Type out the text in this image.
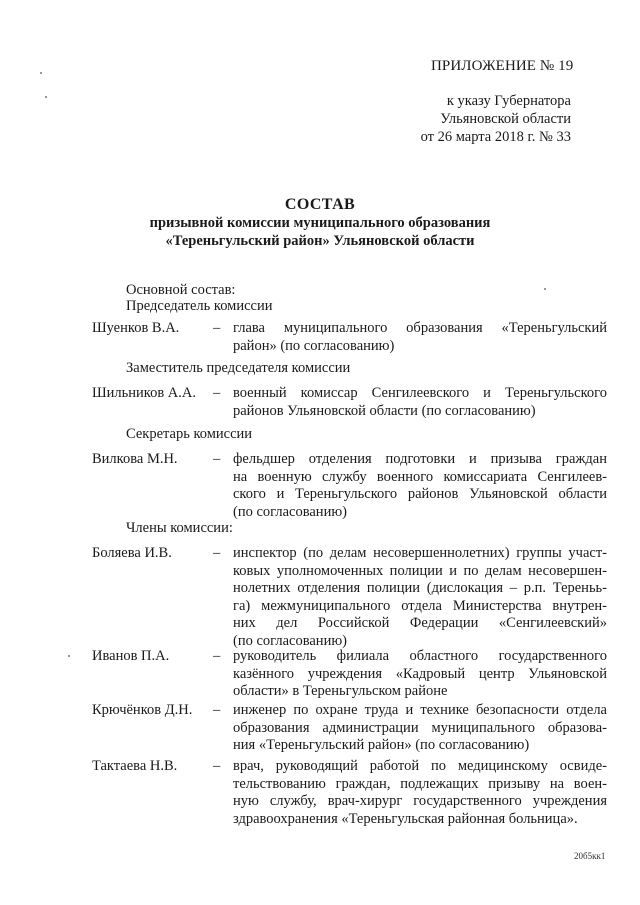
ПРИЛОЖЕНИЕ № 19
к указу Губернатора
Ульяновской области
от 26 марта 2018 г. № 33
СОСТАВ
призывной комиссии муниципального образования
«Тереньгульский район» Ульяновской области
Основной состав:
Председатель комиссии
Шуенков В.А. – глава муниципального образования «Тереньгульский
район» (по согласованию)
Заместитель председателя комиссии
Шильников А.А. – военный комиссар Сенгилеевского и Тереньгульского
районов Ульяновской области (по согласованию)
Секретарь комиссии
Вилкова М.Н. – фельдшер отделения подготовки и призыва граждан
на военную службу военного комиссариата Сенгилеев-
ского и Тереньгульского районов Ульяновской области
(по согласованию)
Члены комиссии:
Боляева И.В.	– инспектор (по делам несовершеннолетних) группы участ-
ковых уполномоченных полиции и по делам несовершен-
нолетних отделения полиции (дислокация – р.п. Тереньь-
га) межмуниципального отдела Министерства внутрен-
них дел Российской Федерации «Сенгилеевский»
(по согласованию)
Иванов П.А.	– руководитель филиала областного государственного
казённого учреждения «Кадровый центр Ульяновской
области» в Тереньгульском районе
Крючёнков Д.Н. – инженер по охране труда и технике безопасности отдела
образования администрации муниципального образова-
ния «Тереньгульский район» (по согласованию)
Тактаева Н.В. – врач, руководящий работой по медицинскому освиде-
тельствованию граждан, подлежащих призыву на воен-
ную службу, врач-хирург государственного учреждения
здравоохранения «Тереньгульская районная больница».
20б5кк1
